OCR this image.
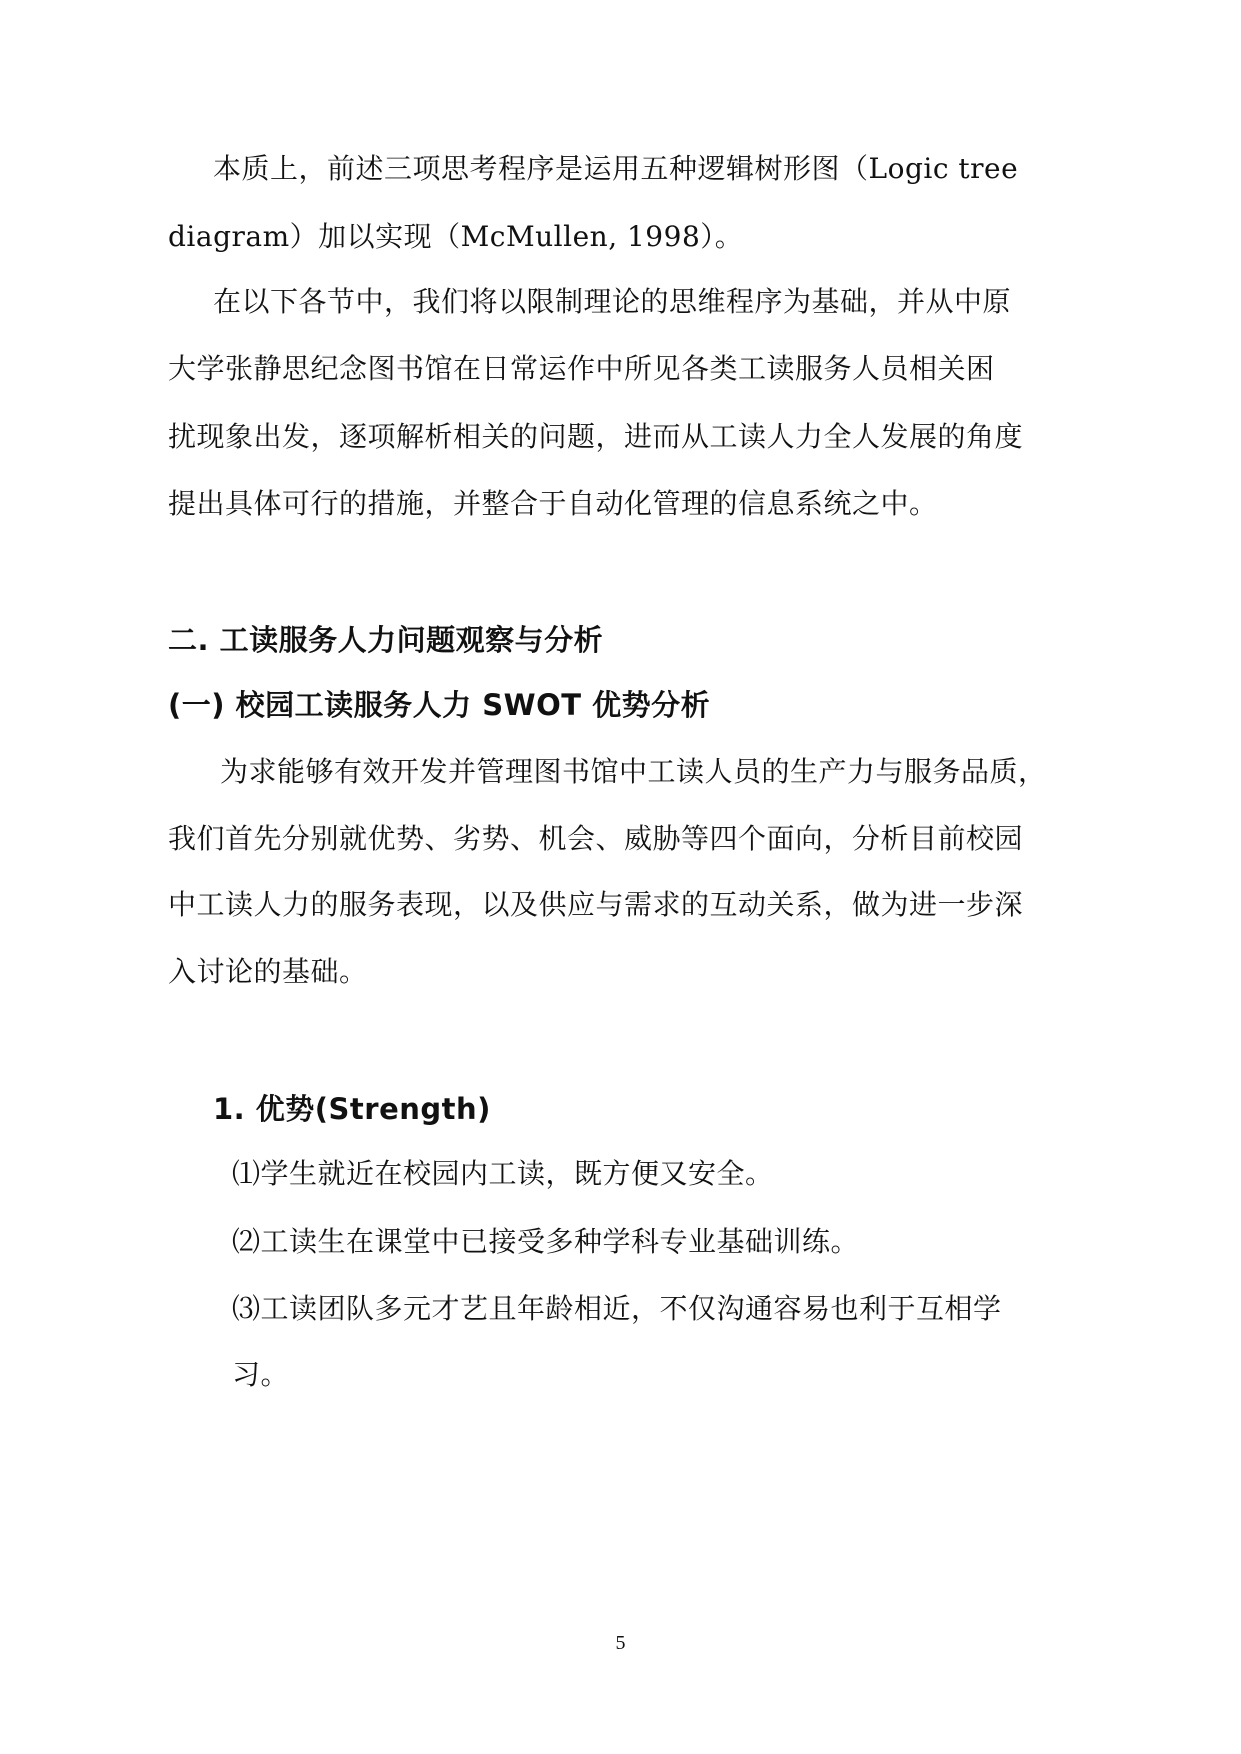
本质上，前述三项思考程序是运用五种逻辑树形图（Logic tree
diagram）加以实现（McMullen, 1998）。
在以下各节中，我们将以限制理论的思维程序为基础，并从中原
大学张静思纪念图书馆在日常运作中所见各类工读服务人员相关困
扰现象出发，逐项解析相关的问题，进而从工读人力全人发展的角度
提出具体可行的措施，并整合于自动化管理的信息系统之中。
二. 工读服务人力问题观察与分析
(一) 校园工读服务人力 SWOT 优势分析
为求能够有效开发并管理图书馆中工读人员的生产力与服务品质，
我们首先分别就优势、劣势、机会、威胁等四个面向，分析目前校园
中工读人力的服务表现，以及供应与需求的互动关系，做为进一步深
入讨论的基础。
1. 优势(Strength)
⑴学生就近在校园内工读，既方便又安全。
⑵工读生在课堂中已接受多种学科专业基础训练。
⑶工读团队多元才艺且年龄相近，不仅沟通容易也利于互相学
习。
5
